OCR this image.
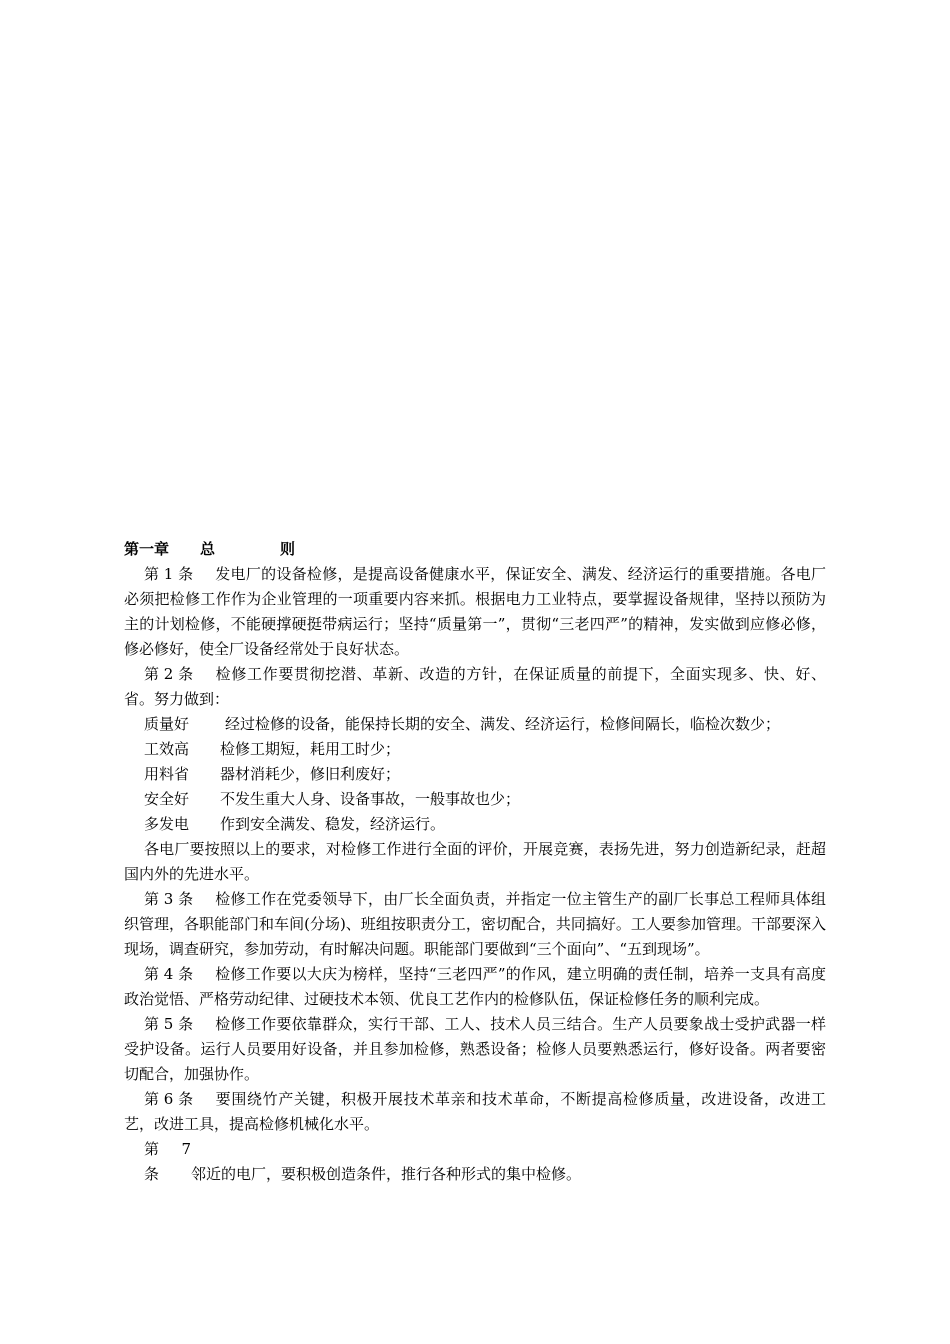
第一章 总	则

第 1 条 发电厂的设备检修，是提高设备健康水平，保证安全、满发、经济运行的重要措施。各电厂必须把检修工作作为企业管理的一项重要内容来抓。根据电力工业特点，要掌握设备规律，坚持以预防为主的计划检修，不能硬撑硬挺带病运行；坚持“质量第一”，贯彻“三老四严”的精神，发实做到应修必修，修必修好，使全厂设备经常处于良好状态。

第 2 条 检修工作要贯彻挖潜、革新、改造的方针，在保证质量的前提下，全面实现多、快、好、省。努力做到：

质量好 经过检修的设备，能保持长期的安全、满发、经济运行，检修间隔长，临检次数少；

工效高 检修工期短，耗用工时少；

用料省 器材消耗少，修旧利废好；

安全好 不发生重大人身、设备事故，一般事故也少；

多发电 作到安全满发、稳发，经济运行。

各电厂要按照以上的要求，对检修工作进行全面的评价，开展竞赛，表扬先进，努力创造新纪录，赶超国内外的先进水平。

第 3 条 检修工作在党委领导下，由厂长全面负责，并指定一位主管生产的副厂长事总工程师具体组织管理，各职能部门和车间(分场)、班组按职责分工，密切配合，共同搞好。工人要参加管理。干部要深入现场，调查研究，参加劳动，有时解决问题。职能部门要做到“三个面向”、“五到现场”。

第 4 条 检修工作要以大庆为榜样，坚持“三老四严”的作风，建立明确的责任制，培养一支具有高度政治觉悟、严格劳动纪律、过硬技术本领、优良工艺作内的检修队伍，保证检修任务的顺利完成。

第 5 条 检修工作要依靠群众，实行干部、工人、技术人员三结合。生产人员要象战士受护武器一样受护设备。运行人员要用好设备，并且参加检修，熟悉设备；检修人员要熟悉运行，修好设备。两者要密切配合，加强协作。

第 6 条 要围绕竹产关键，积极开展技术革亲和技术革命，不断提高检修质量，改进设备，改进工艺，改进工具，提高检修机械化水平。

第 7 条 邻近的电厂，要积极创造条件，推行各种形式的集中检修。
